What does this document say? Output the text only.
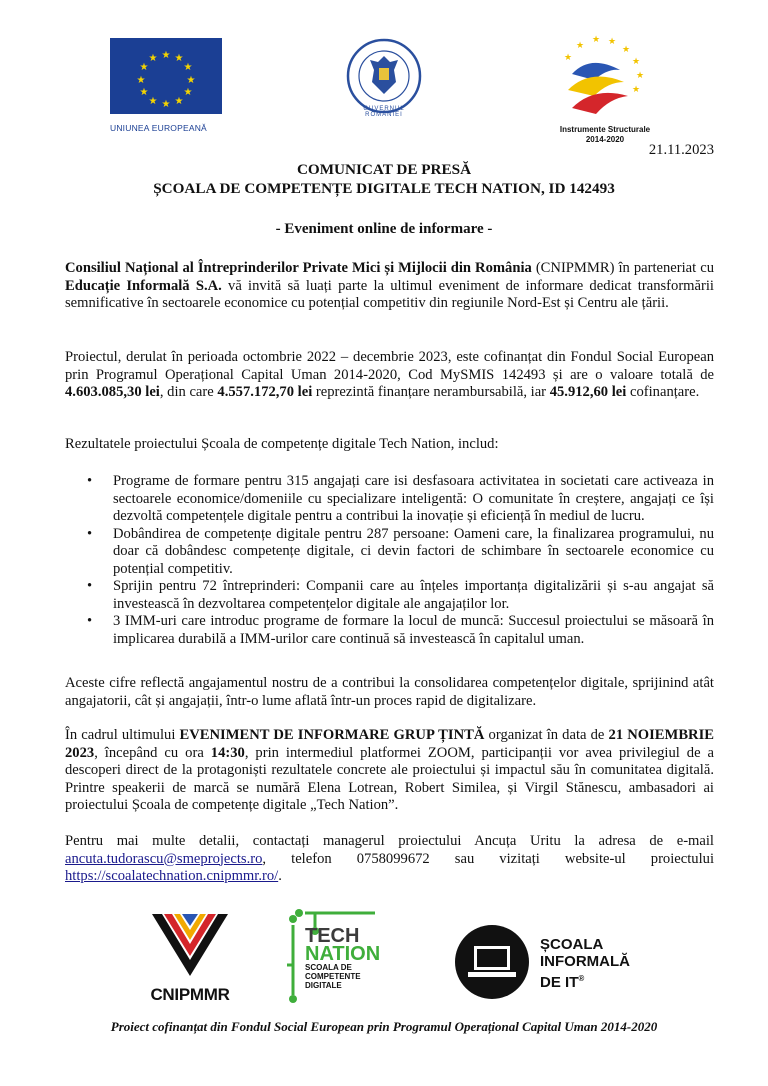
★ ★
★
★
★
★
★
★
★
★
★
★
UNIUNEA EUROPEANĂ
GUVERNUL ROMÂNIEI
★
★ ★
★
★
★
★
★
Instrumente Structurale
2014-2020
21.11.2023
COMUNICAT DE PRESĂ
ȘCOALA DE COMPETENȚE DIGITALE TECH NATION, ID 142493
- Eveniment online de informare -

Consiliul Național al Întreprinderilor Private Mici și Mijlocii din România (CNIPMMR) în parteneriat cu Educație Informală S.A. vă invită să luați parte la ultimul eveniment de informare dedicat transformării semnificative în sectoarele economice cu potențial competitiv din regiunile Nord-Est și Centru ale țării.

Proiectul, derulat în perioada octombrie 2022 – decembrie 2023, este cofinanțat din Fondul Social European prin Programul Operațional Capital Uman 2014-2020, Cod MySMIS 142493 și are o valoare totală de 4.603.085,30 lei, din care 4.557.172,70 lei reprezintă finanțare nerambursabilă, iar 45.912,60 lei cofinanțare.

Rezultatele proiectului Școala de competențe digitale Tech Nation, includ:

• Programe de formare pentru 315 angajați care isi desfasoara activitatea in societati care activeaza in sectoarele economice/domeniile cu specializare inteligentă: O comunitate în creștere, angajați ce își dezvoltă competențele digitale pentru a contribui la inovație și eficiență în mediul de lucru.
• Dobândirea de competențe digitale pentru 287 persoane: Oameni care, la finalizarea programului, nu doar că dobândesc competențe digitale, ci devin factori de schimbare în sectoarele economice cu potențial competitiv.
• Sprijin pentru 72 întreprinderi: Companii care au înțeles importanța digitalizării și s-au angajat să investească în dezvoltarea competențelor digitale ale angajaților lor.
• 3 IMM-uri care introduc programe de formare la locul de muncă: Succesul proiectului se măsoară în implicarea durabilă a IMM-urilor care continuă să investească în capitalul uman.

Aceste cifre reflectă angajamentul nostru de a contribui la consolidarea competențelor digitale, sprijinind atât angajatorii, cât și angajații, într-o lume aflată într-un proces rapid de digitalizare.

În cadrul ultimului EVENIMENT DE INFORMARE GRUP ȚINTĂ organizat în data de 21 NOIEMBRIE 2023, începând cu ora 14:30, prin intermediul platformei ZOOM, participanții vor avea privilegiul de a descoperi direct de la protagoniști rezultatele concrete ale proiectului și impactul său în comunitatea digitală. Printre speakerii de marcă se numără Elena Lotrean, Robert Similea, și Virgil Stănescu, ambasadori ai proiectului Școala de competențe digitale „Tech Nation”.

Pentru mai multe detalii, contactați managerul proiectului Ancuța Uritu la adresa de e-mail ancuta.tudorascu@smeprojects.ro, telefon 0758099672 sau vizitați website-ul proiectului https://scoalatechnation.cnipmmr.ro/.

CNIPMMR
TECH
NATION
SCOALA DE
COMPETENTE
DIGITALE
ȘCOALA
INFORMALĂ
DE IT®
Proiect cofinanțat din Fondul Social European prin Programul Operațional Capital Uman 2014-2020
